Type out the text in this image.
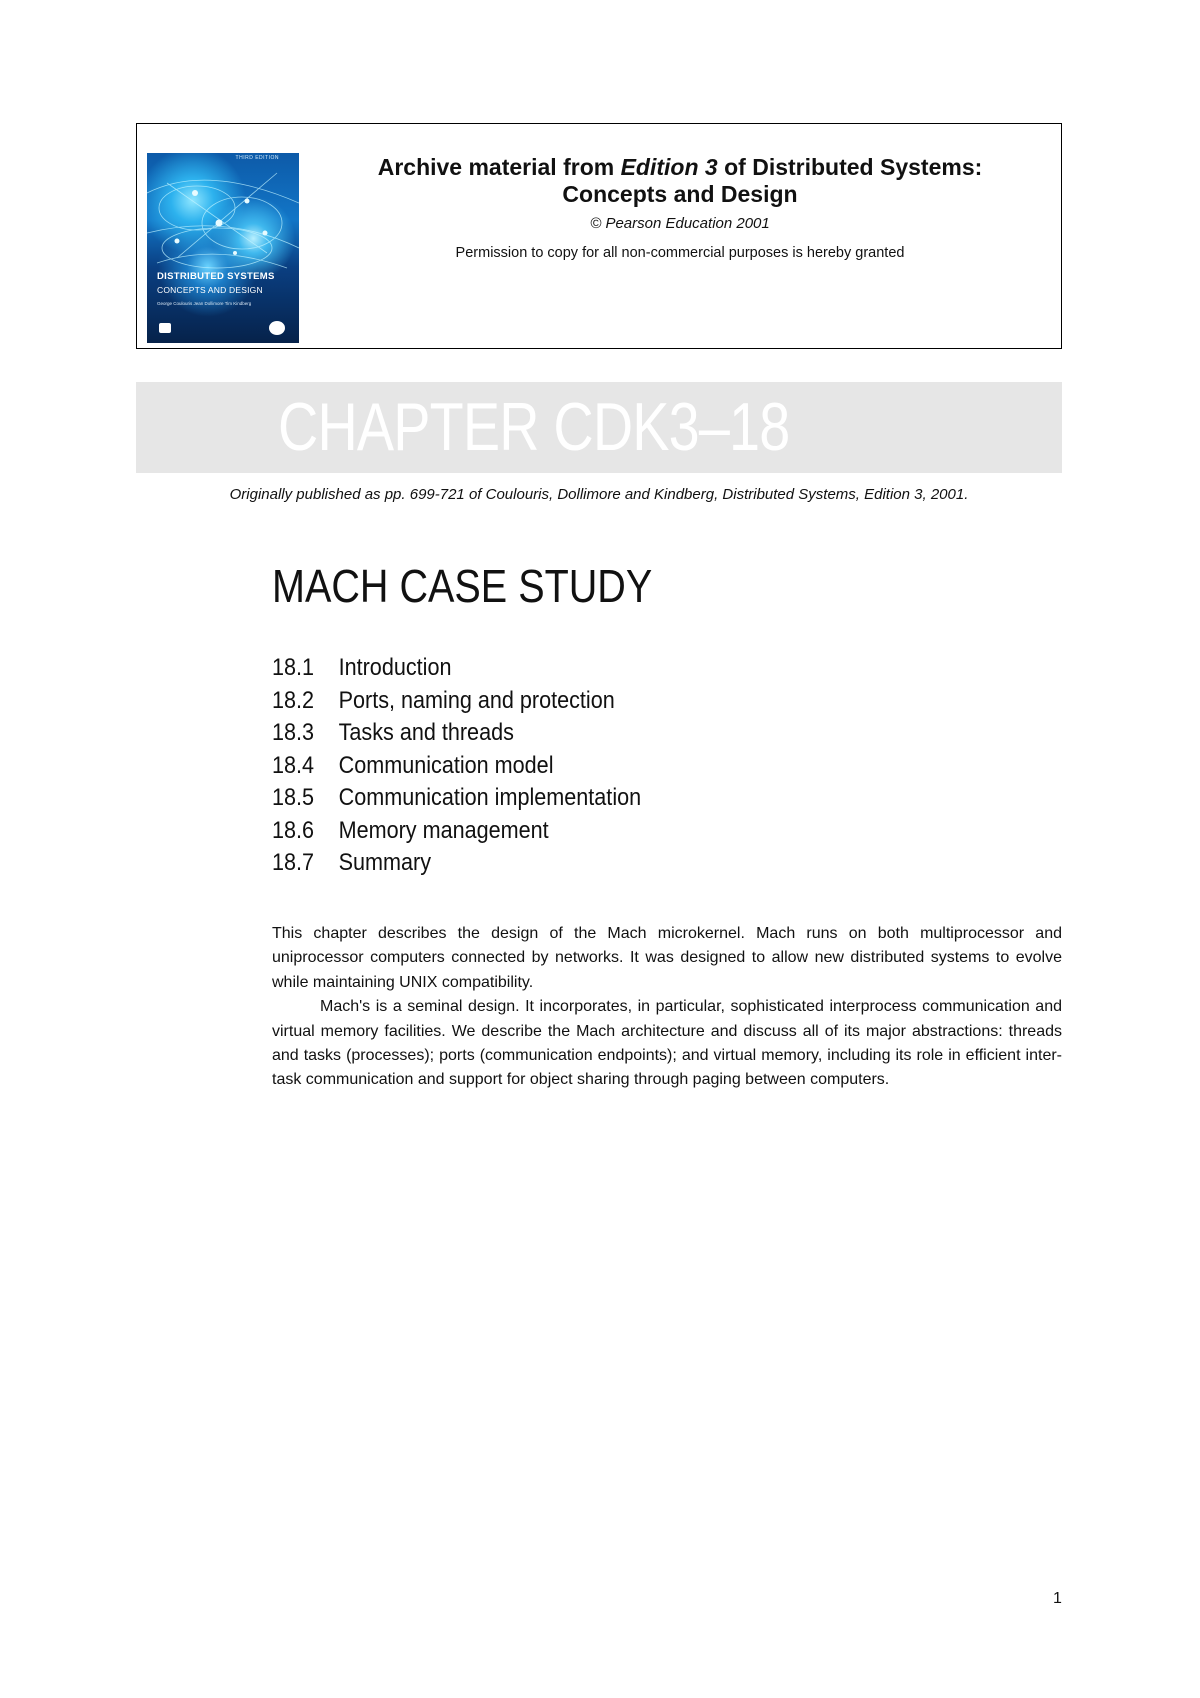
THIRD EDITION
DISTRIBUTED SYSTEMS
CONCEPTS AND DESIGN
George Coulouris Jean Dollimore Tim Kindberg
Archive material from Edition 3 of Distributed Systems:
Concepts and Design
© Pearson Education 2001
Permission to copy for all non-commercial purposes is hereby granted
CHAPTER CDK3–18
Originally published as pp. 699-721 of Coulouris, Dollimore and Kindberg, Distributed Systems, Edition 3, 2001.
MACH CASE STUDY
18.1 Introduction
18.2 Ports, naming and protection
18.3 Tasks and threads
18.4 Communication model
18.5 Communication implementation
18.6 Memory management
18.7 Summary

This chapter describes the design of the Mach microkernel. Mach runs on both multiprocessor and uniprocessor computers connected by networks. It was designed to allow new distributed systems to evolve while maintaining UNIX compatibility.

Mach's is a seminal design. It incorporates, in particular, sophisticated interprocess communication and virtual memory facilities. We describe the Mach architecture and discuss all of its major abstractions: threads and tasks (processes); ports (communication endpoints); and virtual memory, including its role in efficient inter-task communication and support for object sharing through paging between computers.

1
